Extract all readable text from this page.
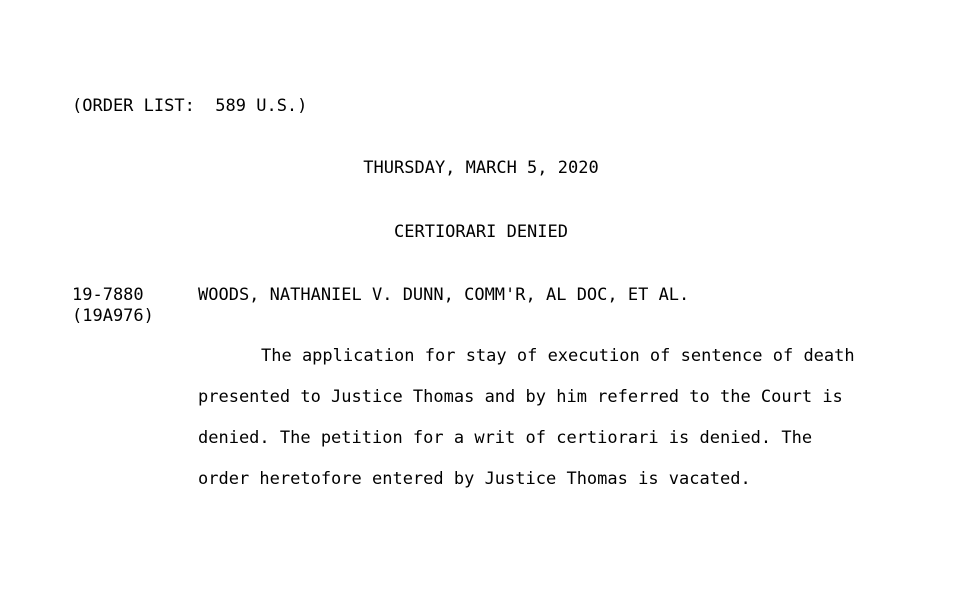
(ORDER LIST:  589 U.S.)
THURSDAY, MARCH 5, 2020
CERTIORARI DENIED
19-7880
(19A976)
WOODS, NATHANIEL V. DUNN, COMM'R, AL DOC, ET AL.
The application for stay of execution of sentence of death
presented to Justice Thomas and by him referred to the Court is
denied. The petition for a writ of certiorari is denied. The
order heretofore entered by Justice Thomas is vacated.
